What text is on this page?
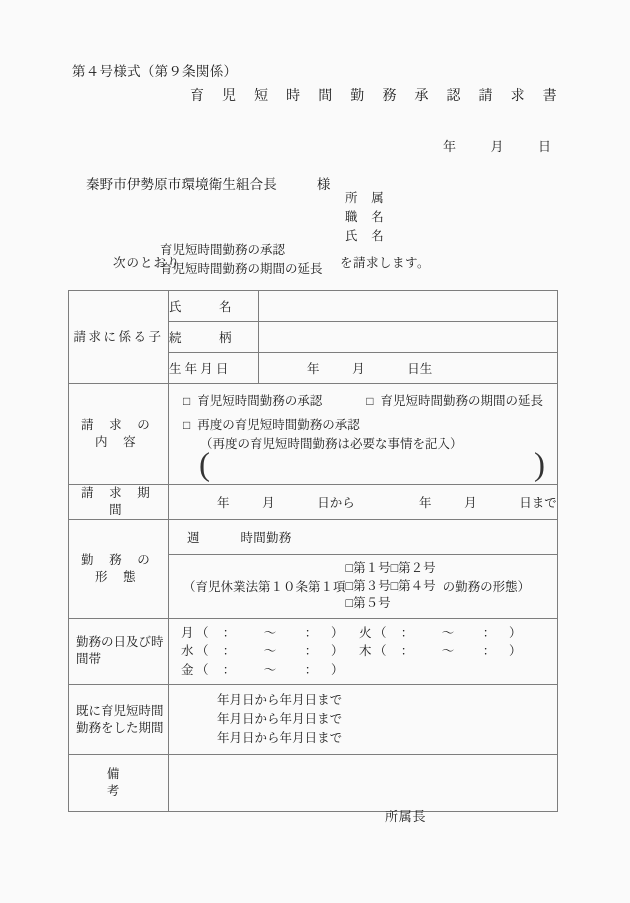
第４号様式（第９条関係）
育 児 短 時 間 勤 務 承 認 請 求 書
年	月	日
秦野市伊勢原市環境衛生組合長	様
所　属
職　名
氏　名
次のとおり
育児短時間勤務の承認
育児短時間勤務の期間の延長 を請求します。
請求に係る子	氏　　　名	

	続　　　柄	

	生 年 月 日	年 月 日生

請 求 の 内 容	□ 育児短時間勤務の承認 □ 育児短時間勤務の期間の延長
□ 再度の育児短時間勤務の承認
（再度の育児短時間勤務は必要な事情を記入）
( )	

請 求 期 間	年 月 日から 年 月 日まで	

勤 務 の 形 態	週 時間勤務	

	（育児休業法第１０条第１項
□第１号□第２号
□第３号□第４号
□第５号
の勤務の形態）	

勤務の日及び時間帯	月 （ ： ～ ： ） 火 （ ： ～ ： ）
水 （ ： ～ ： ） 木 （ ： ～ ： ）
金 （ ： ～ ： ）	

既に育児短時間勤務をした期間	年月日から年月日まで
年月日から年月日まで
年月日から年月日まで	

備　　　考		
所属長
